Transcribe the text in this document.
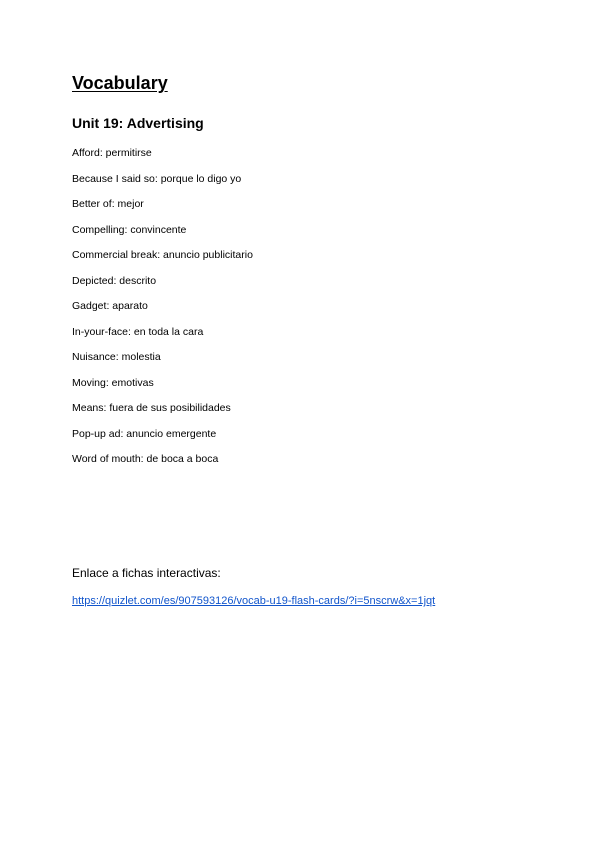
Vocabulary
Unit 19: Advertising
Afford: permitirse
Because I said so: porque lo digo yo
Better of: mejor
Compelling: convincente
Commercial break: anuncio publicitario
Depicted: descrito
Gadget: aparato
In-your-face: en toda la cara
Nuisance: molestia
Moving: emotivas
Means: fuera de sus posibilidades
Pop-up ad: anuncio emergente
Word of mouth: de boca a boca

Enlace a fichas interactivas:

https://quizlet.com/es/907593126/vocab-u19-flash-cards/?i=5nscrw&x=1jqt
